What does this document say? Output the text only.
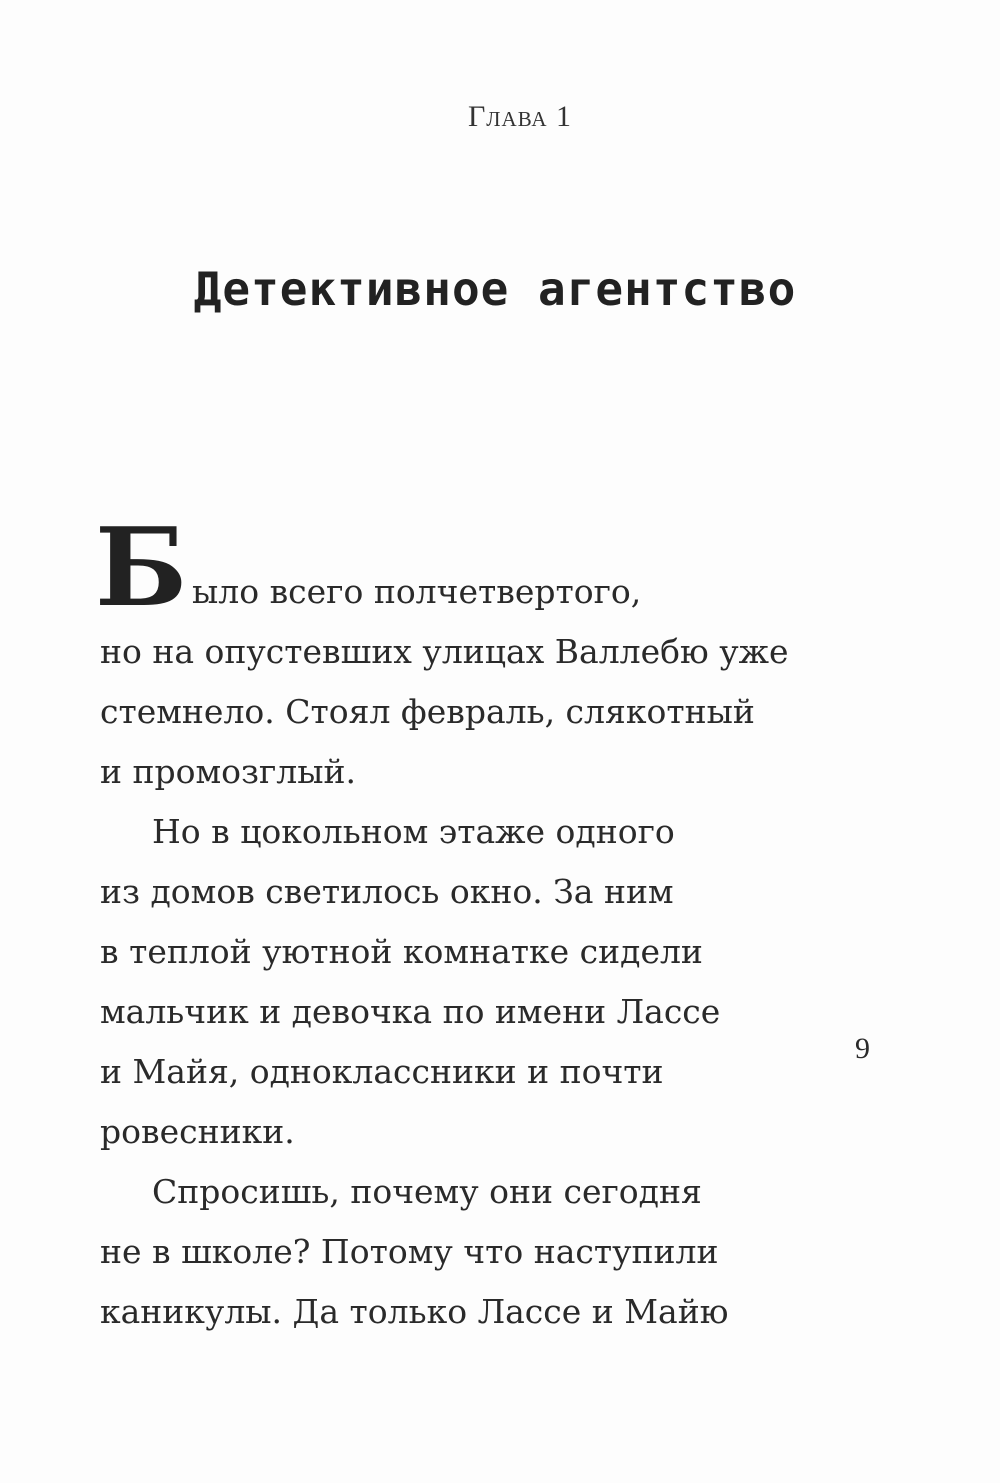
Глава 1
Детективное агентство
Б ыло всего полчетвертого,
но на опустевших улицах Валлебю уже
стемнело. Стоял февраль, слякотный
и промозглый.
Но в цокольном этаже одного
из домов светилось окно. За ним
в теплой уютной комнатке сидели
мальчик и девочка по имени Лассе
и Майя, одноклассники и почти
ровесники.
Спросишь, почему они сегодня
не в школе? Потому что наступили
каникулы. Да только Лассе и Майю
9
